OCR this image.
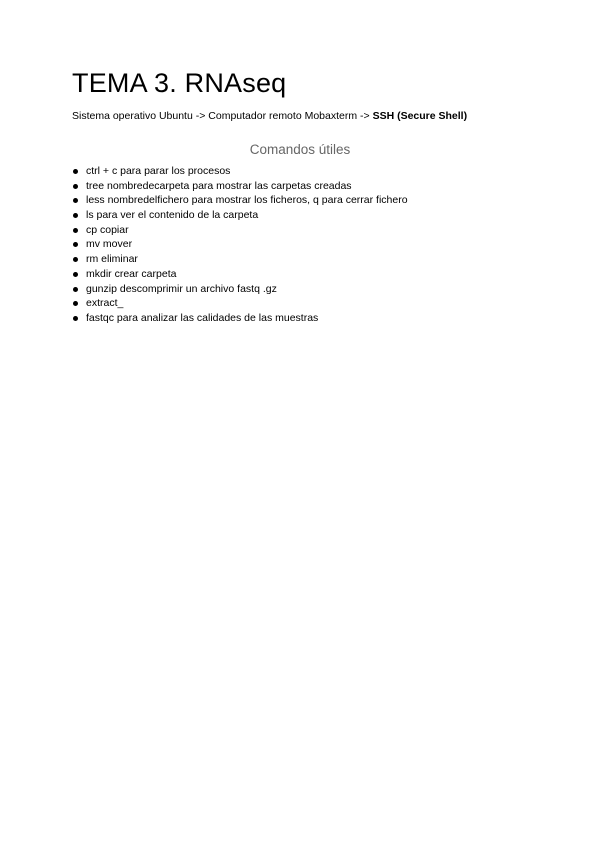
TEMA 3. RNAseq
Sistema operativo Ubuntu -> Computador remoto Mobaxterm -> SSH (Secure Shell)
Comandos útiles
ctrl + c para parar los procesos
tree nombredecarpeta para mostrar las carpetas creadas
less nombredelfichero para mostrar los ficheros, q para cerrar fichero
ls para ver el contenido de la carpeta
cp copiar
mv mover
rm eliminar
mkdir crear carpeta
gunzip descomprimir un archivo fastq .gz
extract_
fastqc para analizar las calidades de las muestras
